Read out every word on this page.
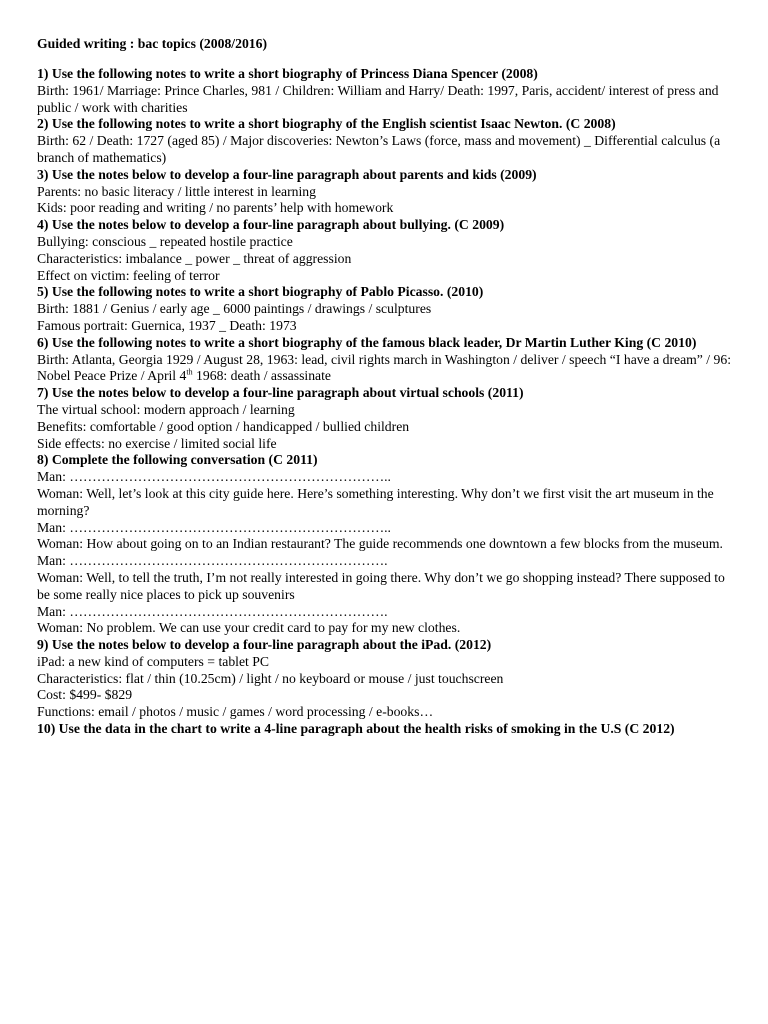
Guided writing : bac topics (2008/2016)

1) Use the following notes to write a short biography of Princess Diana Spencer (2008)

Birth: 1961/ Marriage: Prince Charles, 981 / Children: William and Harry/ Death: 1997, Paris, accident/ interest of press and public / work with charities

2) Use the following notes to write a short biography of the English scientist Isaac Newton. (C 2008)

Birth: 62 / Death: 1727 (aged 85) / Major discoveries: Newton’s Laws (force, mass and movement) _ Differential calculus (a branch of mathematics)

3) Use the notes below to develop a four-line paragraph about parents and kids (2009)

Parents: no basic literacy / little interest in learning

Kids: poor reading and writing / no parents’ help with homework

4) Use the notes below to develop a four-line paragraph about bullying. (C 2009)

Bullying: conscious _ repeated hostile practice

Characteristics: imbalance _ power _ threat of aggression

Effect on victim: feeling of terror

5) Use the following notes to write a short biography of Pablo Picasso. (2010)

Birth: 1881 / Genius / early age _ 6000 paintings / drawings / sculptures

Famous portrait: Guernica, 1937 _ Death: 1973

6) Use the following notes to write a short biography of the famous black leader, Dr Martin Luther King (C 2010)

Birth: Atlanta, Georgia 1929 / August 28, 1963: lead, civil rights march in Washington / deliver / speech “I have a dream” / 96: Nobel Peace Prize / April 4th 1968: death / assassinate

7) Use the notes below to develop a four-line paragraph about virtual schools (2011)

The virtual school: modern approach / learning

Benefits: comfortable / good option / handicapped / bullied children

Side effects: no exercise / limited social life

8) Complete the following conversation (C 2011)

Man: ……………………………………………………………..

Woman: Well, let’s look at this city guide here. Here’s something interesting. Why don’t we first visit the art museum in the morning?

Man: ……………………………………………………………..

Woman: How about going on to an Indian restaurant? The guide recommends one downtown a few blocks from the museum.

Man: …………………………………………………………….

Woman: Well, to tell the truth, I’m not really interested in going there. Why don’t we go shopping instead? There supposed to be some really nice places to pick up souvenirs

Man: …………………………………………………………….

Woman: No problem. We can use your credit card to pay for my new clothes.

9) Use the notes below to develop a four-line paragraph about the iPad. (2012)

iPad: a new kind of computers = tablet PC

Characteristics: flat / thin (10.25cm) / light / no keyboard or mouse / just touchscreen

Cost: $499- $829

Functions: email / photos / music / games / word processing / e-books…

10) Use the data in the chart to write a 4-line paragraph about the health risks of smoking in the U.S (C 2012)
